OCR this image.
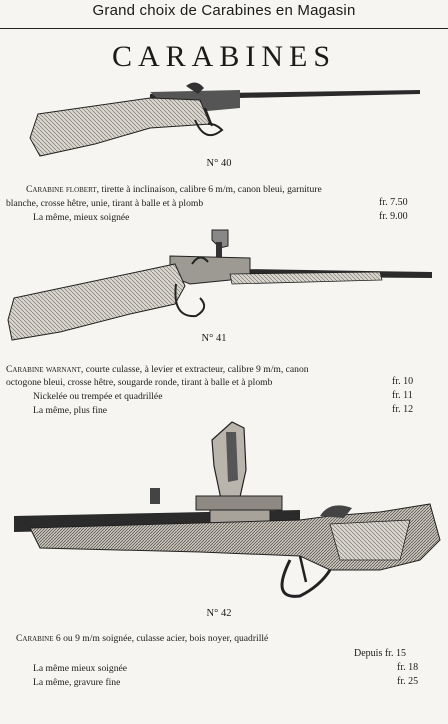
Grand choix de Carabines en Magasin
CARABINES
N° 40
Carabine flobert, tirette à inclinaison, calibre 6 m/m, canon bleui, garniture
blanche, crosse hêtre, unie, tirant à balle et à plomb	fr. 7.50
La même, mieux soignée	fr. 9.00
N° 41
Carabine warnant, courte culasse, à levier et extracteur, calibre 9 m/m, canon
octogone bleui, crosse hêtre, sougarde ronde, tirant à balle et à plomb	fr. 10
Nickelée ou trempée et quadrillée	fr. 11
La même, plus fine	fr. 12
N° 42
Carabine 6 ou 9 m/m soignée, culasse acier, bois noyer, quadrillé
Depuis fr. 15
La même mieux soignée	fr. 18
La même, gravure fine	fr. 25
